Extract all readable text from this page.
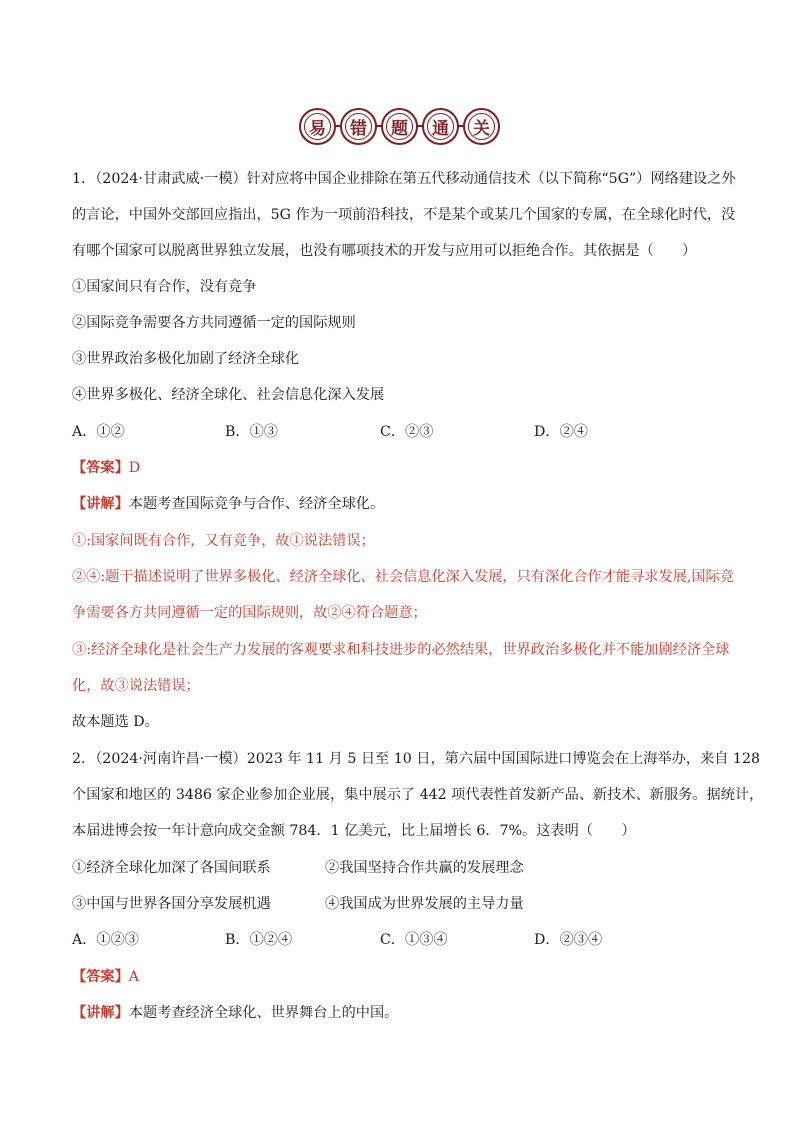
易 错 题 通 关
1．（2024·甘肃武威·一模）针对应将中国企业排除在第五代移动通信技术（以下简称“5G”）网络建设之外
的言论，中国外交部回应指出，5G 作为一项前沿科技，不是某个或某几个国家的专属，在全球化时代，没
有哪个国家可以脱离世界独立发展，也没有哪项技术的开发与应用可以拒绝合作。其依据是（　　）
①国家间只有合作，没有竞争
②国际竞争需要各方共同遵循一定的国际规则
③世界政治多极化加剧了经济全球化
④世界多极化、经济全球化、社会信息化深入发展
A．①②	B．①③	C．②③	D．②④
【答案】D
【讲解】本题考查国际竞争与合作、经济全球化。
①:国家间既有合作，又有竞争，故①说法错误；
②④:题干描述说明了世界多极化、经济全球化、社会信息化深入发展，只有深化合作才能寻求发展,国际竞
争需要各方共同遵循一定的国际规则，故②④符合题意；
③:经济全球化是社会生产力发展的客观要求和科技进步的必然结果，世界政治多极化并不能加剧经济全球
化，故③说法错误；
故本题选 D。
2．（2024·河南许昌·一模）2023 年 11 月 5 日至 10 日，第六届中国国际进口博览会在上海举办，来自 128
个国家和地区的 3486 家企业参加企业展，集中展示了 442 项代表性首发新产品、新技术、新服务。据统计，
本届进博会按一年计意向成交金额 784．1 亿美元，比上届增长 6．7%。这表明（　　）
①经济全球化加深了各国间联系	②我国坚持合作共赢的发展理念
③中国与世界各国分享发展机遇	④我国成为世界发展的主导力量
A．①②③	B．①②④	C．①③④	D．②③④
【答案】A
【讲解】本题考查经济全球化、世界舞台上的中国。
